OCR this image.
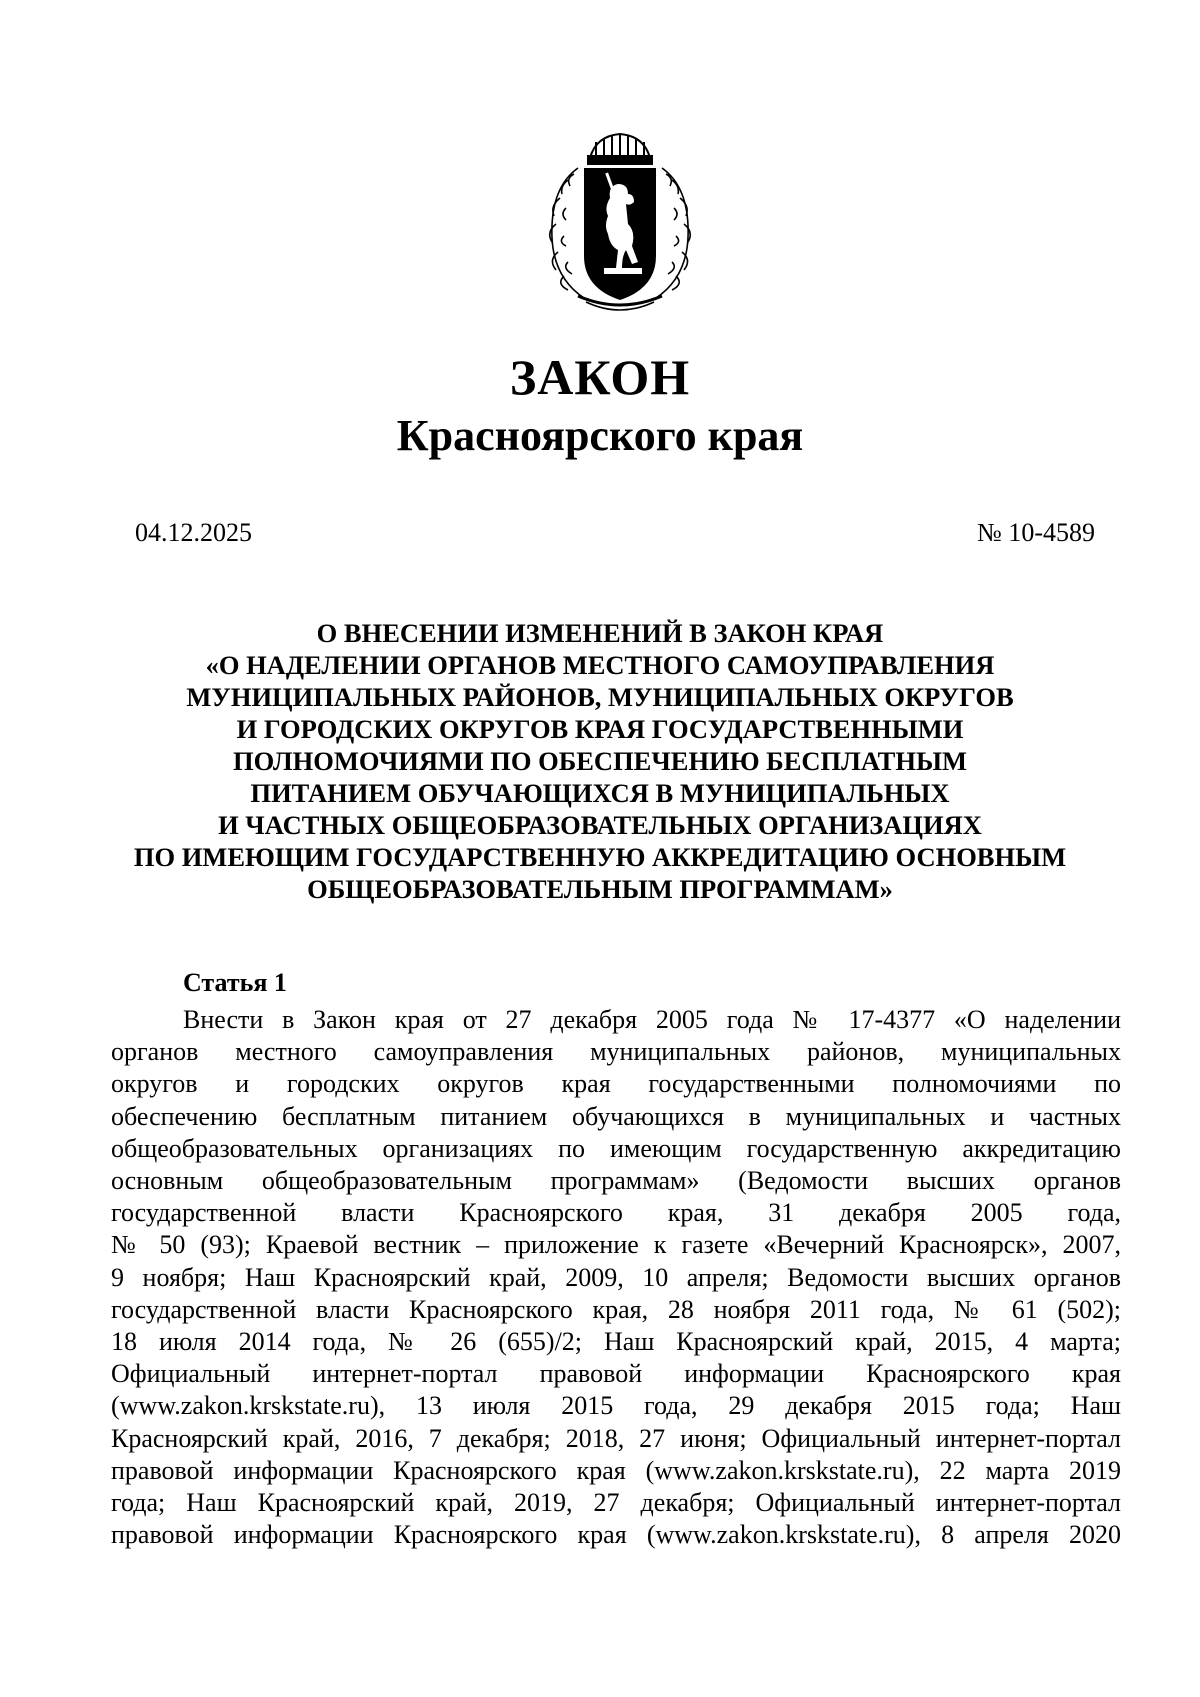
ЗАКОН
Красноярского края
04.12.2025	№ 10-4589
О ВНЕСЕНИИ ИЗМЕНЕНИЙ В ЗАКОН КРАЯ
«О НАДЕЛЕНИИ ОРГАНОВ МЕСТНОГО САМОУПРАВЛЕНИЯ
МУНИЦИПАЛЬНЫХ РАЙОНОВ, МУНИЦИПАЛЬНЫХ ОКРУГОВ
И ГОРОДСКИХ ОКРУГОВ КРАЯ ГОСУДАРСТВЕННЫМИ
ПОЛНОМОЧИЯМИ ПО ОБЕСПЕЧЕНИЮ БЕСПЛАТНЫМ
ПИТАНИЕМ ОБУЧАЮЩИХСЯ В МУНИЦИПАЛЬНЫХ
И ЧАСТНЫХ ОБЩЕОБРАЗОВАТЕЛЬНЫХ ОРГАНИЗАЦИЯХ
ПО ИМЕЮЩИМ ГОСУДАРСТВЕННУЮ АККРЕДИТАЦИЮ ОСНОВНЫМ
ОБЩЕОБРАЗОВАТЕЛЬНЫМ ПРОГРАММАМ»
Статья 1
Внести в Закон края от 27 декабря 2005 года № 17-4377 «О наделении
органов местного самоуправления муниципальных районов, муниципальных
округов и городских округов края государственными полномочиями по
обеспечению бесплатным питанием обучающихся в муниципальных и частных
общеобразовательных организациях по имеющим государственную аккредитацию
основным общеобразовательным программам» (Ведомости высших органов
государственной власти Красноярского края, 31 декабря 2005 года,
№ 50 (93); Краевой вестник – приложение к газете «Вечерний Красноярск», 2007,
9 ноября; Наш Красноярский край, 2009, 10 апреля; Ведомости высших органов
государственной власти Красноярского края, 28 ноября 2011 года, № 61 (502);
18 июля 2014 года, № 26 (655)/2; Наш Красноярский край, 2015, 4 марта;
Официальный интернет-портал правовой информации Красноярского края
(www.zakon.krskstate.ru), 13 июля 2015 года, 29 декабря 2015 года; Наш
Красноярский край, 2016, 7 декабря; 2018, 27 июня; Официальный интернет-портал
правовой информации Красноярского края (www.zakon.krskstate.ru), 22 марта 2019
года; Наш Красноярский край, 2019, 27 декабря; Официальный интернет-портал
правовой информации Красноярского края (www.zakon.krskstate.ru), 8 апреля 2020
